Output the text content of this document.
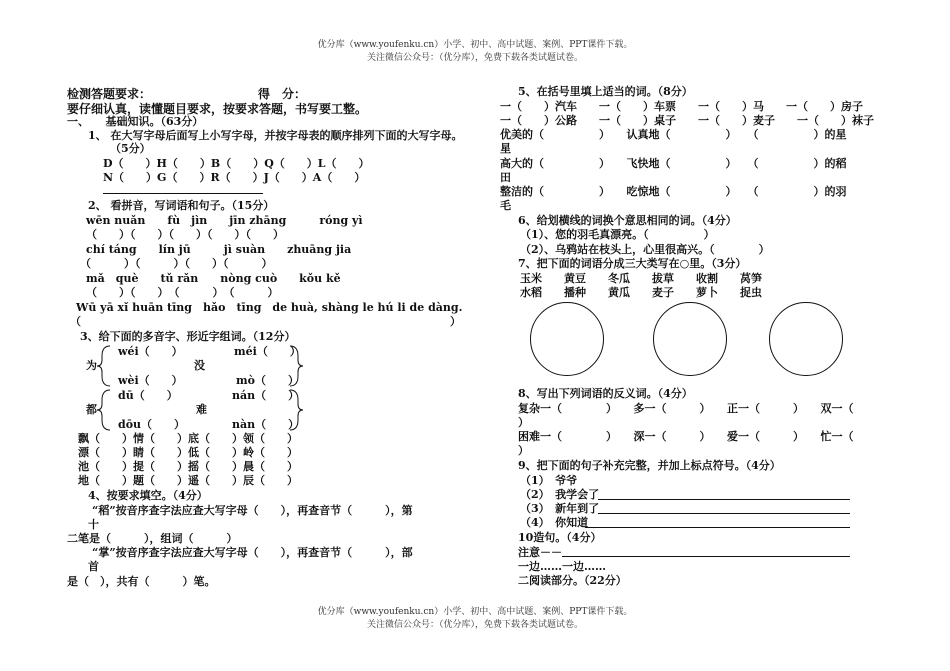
优分库（www.youfenku.cn）小学、初中、高中试题、案例、PPT课件下载。
关注微信公众号：（优分库），免费下载各类试题试卷。
检测答题要求：	得　分：
要仔细认真，读懂题目要求，按要求答题，书写要工整。
一、　　基础知识。（63分）
1、 在大写字母后面写上小写字母，并按字母表的顺序排列下面的大写字母。
（5分）
D（　　）H（　　）B（　　）Q（　　）L（　　）
N（　　）G（　　）R（　　）J（　　）A（　　）
2、 看拼音，写词语和句子。（15分）
wēn nuǎn　　fù　jìn　　jīn zhāng　　　róng yì
（　　）（　　）（　　）（　　）（　　）
chí táng　　lín jū　　　jì suàn　　zhuāng jia
（　　　）（　　　）（　　）（　　　）
mǎ　què　　tǔ rǎn　　nòng cuò　　kǒu kě
（　　）（　　）　（　　　）　（　　　）
Wū yā xǐ huān tīng　hǎo　tīng　de huà, shàng le hú li de dàng.
（	）
3、给下面的多音字、形近字组词。（12分）
wéi（　　）
为
wèi（　　）
méi（　　）
没
mò（　　）
dū（　　）
都
dōu（　　）
nán（　　）
难
nàn（　　）
飘（　　）情（　　）底（　　）领（　　）
漂（　　）睛（　　）低（　　）岭（　　）
池（　　）提（　　）摇（　　）晨（　　）
地（　　）题（　　）遥（　　）辰（　　）
4、按要求填空。（4分）
“稻”按音序查字法应查大写字母（　　），再查音节（　　　），第
十
二笔是（　　　），组词（　　　）
“掌”按音序查字法应查大写字母（　　），再查音节（　　　），部
首
是（　），共有（　　　）笔。
5、在括号里填上适当的词。（8分）
一（　　）汽车　　一（　　）车票　　一（　　）马　　一（　　）房子
一（　　）公路　　一（　　）桌子　　一（　　）麦子　　一（　　）袜子
优美的（　　　　　）　　认真地（　　　　　）　　（　　　　　）的星
星
高大的（　　　　　）　　飞快地（　　　　　）　　（　　　　　）的稻
田
整洁的（　　　　　）　　吃惊地（　　　　　）　　（　　　　　）的羽
毛
6、给划横线的词换个意思相同的词。（4分）
（1）、您的羽毛真漂亮。（　　　　　）
（2）、乌鸦站在枝头上，心里很高兴。（　　　　）
7、把下面的词语分成三大类写在○里。（3分）
玉米　　黄豆　　冬瓜　　拔草　　收割　　莴笋
水稻　　播种　　黄瓜　　麦子　　萝卜　　捉虫
8、写出下列词语的反义词。（4分）
复杂一（　　　　）　　多一（　　　）　　正一（　　　）　　双一（
）
困难一（　　　　）　　深一（　　　）　　爱一（　　　）　　忙一（
）
9、把下面的句子补充完整，并加上标点符号。（4分）
（1）　爷爷
（2）　我学会了
（3）　新年到了
（4）　你知道
10造句。（4分）
注意－－
一边……一边……
二阅读部分。（22分）
优分库（www.youfenku.cn）小学、初中、高中试题、案例、PPT课件下载。
关注微信公众号：（优分库），免费下载各类试题试卷。
